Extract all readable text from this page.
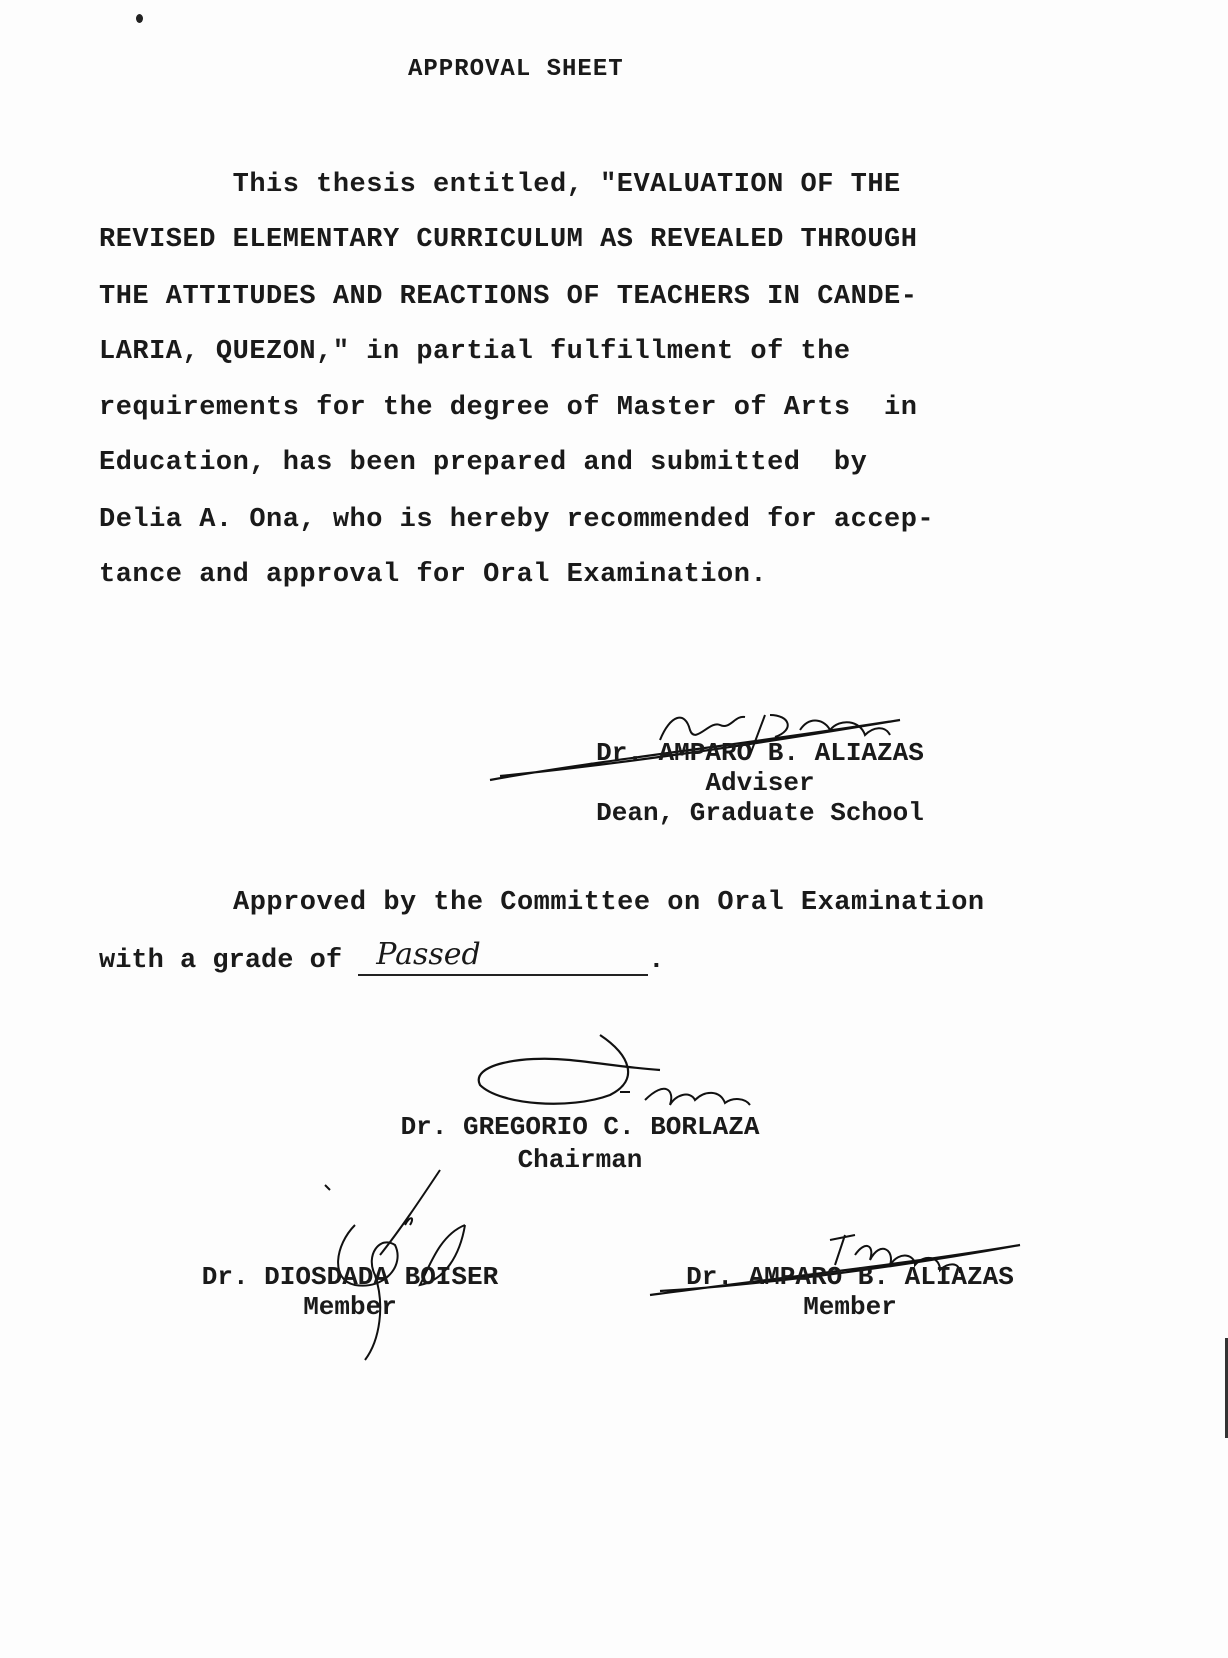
APPROVAL SHEET
This thesis entitled, "EVALUATION OF THE
REVISED ELEMENTARY CURRICULUM AS REVEALED THROUGH
THE ATTITUDES AND REACTIONS OF TEACHERS IN CANDE-
LARIA, QUEZON," in partial fulfillment of the
requirements for the degree of Master of Arts  in
Education, has been prepared and submitted  by
Delia A. Ona, who is hereby recommended for accep-
tance and approval for Oral Examination.
Dr. AMPARO B. ALIAZAS
Adviser
Dean, Graduate School
Approved by the Committee on Oral Examination
with a grade of Passed	.
Dr. GREGORIO C. BORLAZA
Chairman
Dr. DIOSDADA BOISER
Member
Dr. AMPARO B. ALIAZAS
Member
